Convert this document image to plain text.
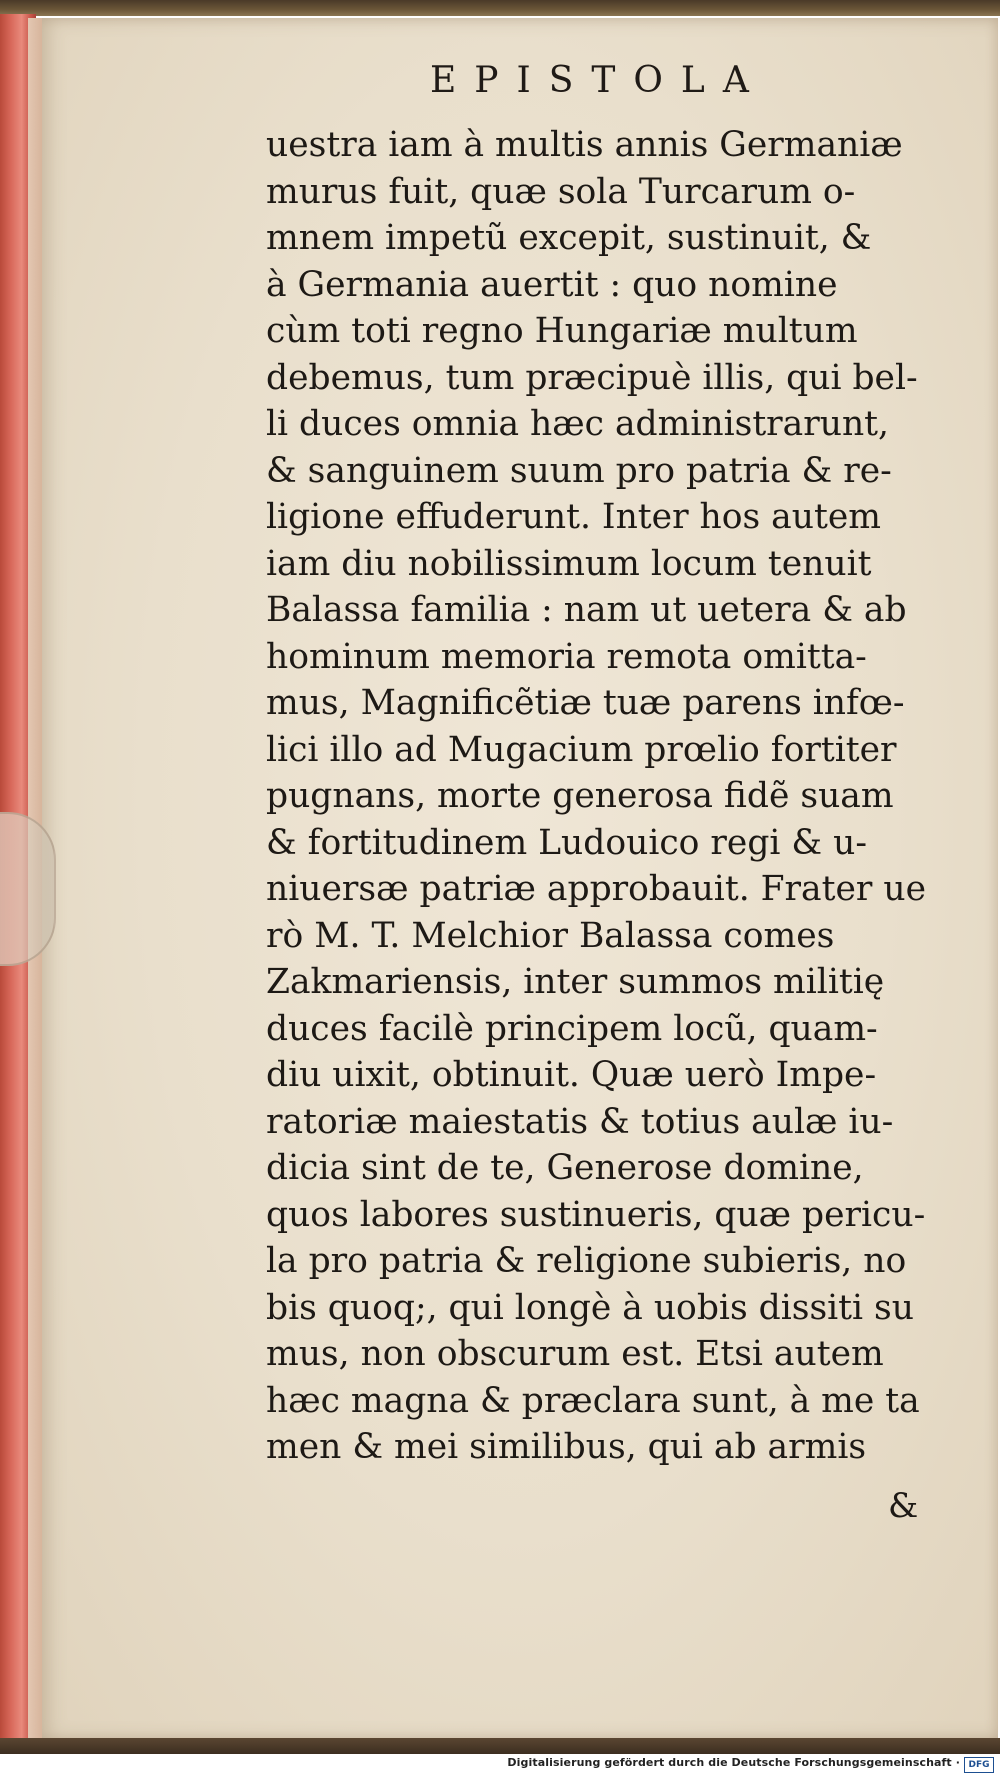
EPISTOLA
uestra iam à multis annis Germaniæ
murus fuit, quæ sola Turcarum o-
mnem impetũ excepit, sustinuit, &
à Germania auertit : quo nomine
cùm toti regno Hungariæ multum
debemus, tum præcipuè illis, qui bel-
li duces omnia hæc administrarunt,
& sanguinem suum pro patria & re-
ligione effuderunt. Inter hos autem
iam diu nobilissimum locum tenuit
Balassa familia : nam ut uetera & ab
hominum memoria remota omitta-
mus, Magnificẽtiæ tuæ parens infœ-
lici illo ad Mugacium prœlio fortiter
pugnans, morte generosa fidẽ suam
& fortitudinem Ludouico regi & u-
niuersæ patriæ approbauit. Frater ue
rò M. T. Melchior Balassa comes
Zakmariensis, inter summos militię
duces facilè principem locũ, quam-
diu uixit, obtinuit. Quæ uerò Impe-
ratoriæ maiestatis & totius aulæ iu-
dicia sint de te, Generose domine,
quos labores sustinueris, quæ pericu-
la pro patria & religione subieris, no
bis quoq;, qui longè à uobis dissiti su
mus, non obscurum est. Etsi autem
hæc magna & præclara sunt, à me ta
men & mei similibus, qui ab armis
&
Digitalisierung gefördert durch die Deutsche Forschungsgemeinschaft · DFG
